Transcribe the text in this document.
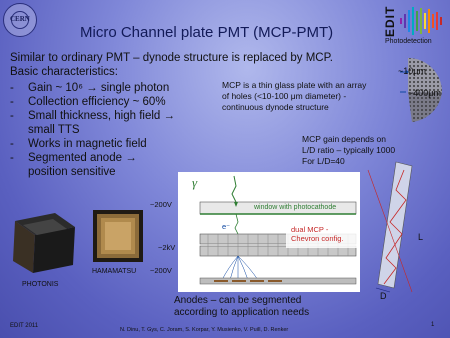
CERN
Micro Channel plate PMT (MCP-PMT)	EDIT
Photodetection
Similar to ordinary PMT – dynode structure is replaced by MCP.
Basic characteristics:
-	Gain ~ 10⁶ → single photon
-	Collection efficiency ~ 60%
-	Small thickness, high field → small TTS
-	Works in magnetic field
-	Segmented anode → position sensitive
MCP is a thin glass plate with an array of holes (<10-100 μm diameter) - continuous dynode structure
~10μm
~400μm
MCP gain depends on
L/D ratio – typically 1000
For L/D=40
PHOTONIS
HAMAMATSU
γ
window with photocathode
e⁻	dual MCP -
Chevron config.
~200V
~2kV
~200V
L
D
Anodes – can be segmented
according to application needs
EDIT 2011
N. Dinu, T. Gys, C. Joram, S. Korpar, Y. Musienko, V. Puill, D. Renker
1
